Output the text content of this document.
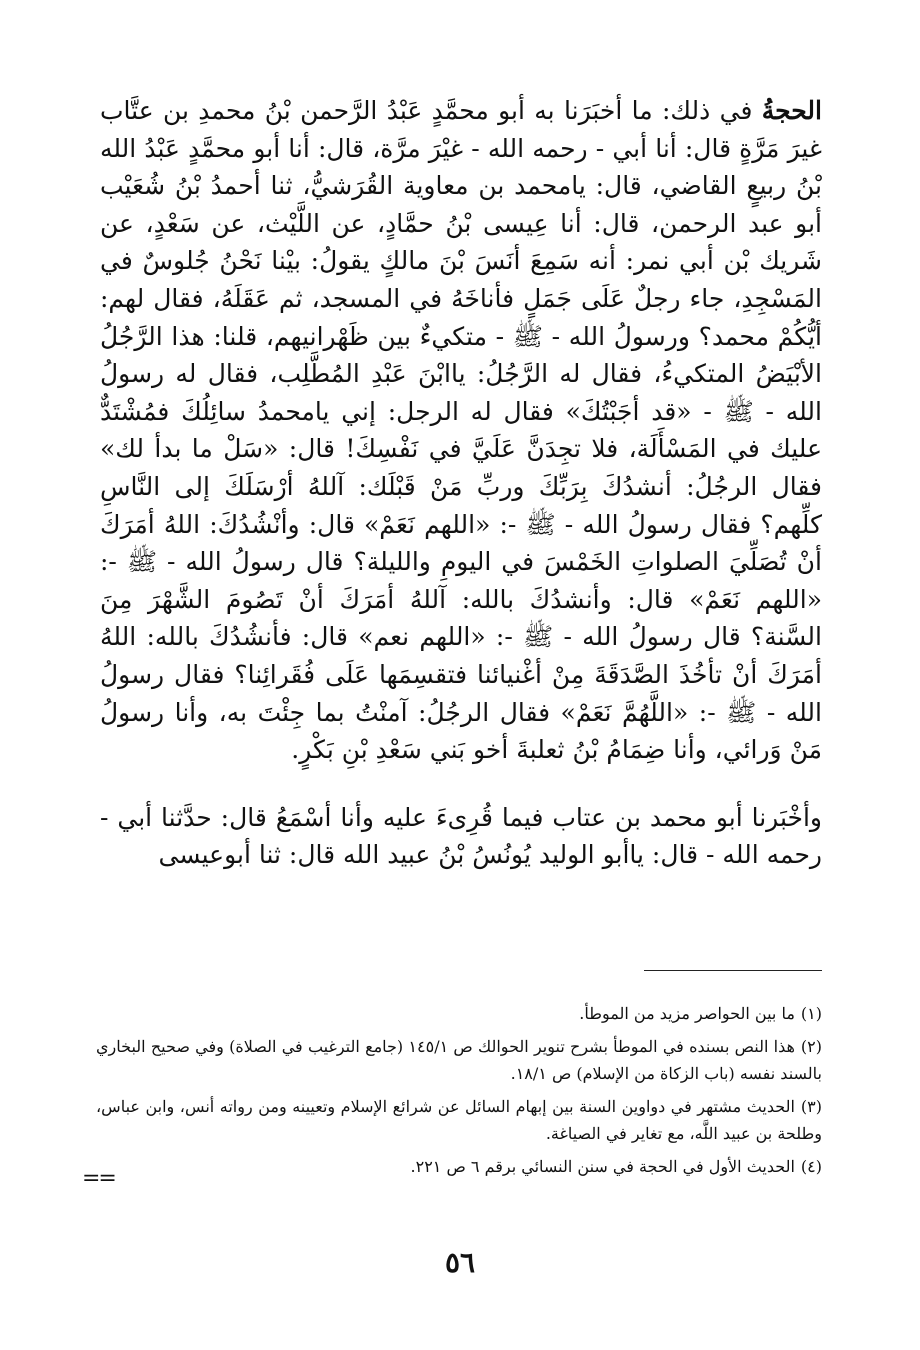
الحجةُ في ذلك: ما أخبَرَنا به أبو محمَّدٍ عَبْدُ الرَّحمن بْنُ محمدِ بن عتَّاب غيرَ مَرَّةٍ قال: أنا أبي - رحمه الله - غيْرَ مرَّة، قال: أنا أبو محمَّدٍ عَبْدُ الله بْنُ ربيعٍ القاضي، قال: يامحمد بن معاوية القُرَشيُّ، ثنا أحمدُ بْنُ شُعَيْب أبو عبد الرحمن، قال: أنا عِيسى بْنُ حمَّادٍ، عن اللَّيْث، عن سَعْدٍ، عن شَريك بْن أبي نمر: أنه سَمِعَ أنَسَ بْنَ مالكٍ يقولُ: بيْنا نَحْنُ جُلوسٌ في المَسْجِدِ، جاء رجلٌ عَلَى جَمَلٍ فأناخَهُ في المسجد، ثم عَقَلَهُ، فقال لهم: أيُّكُمْ محمد؟ ورسولُ الله - ﷺ - متكيءٌ بين ظَهْرانيهم، قلنا: هذا الرَّجُلُ الأبْيَضُ المتكيءُ، فقال له الرَّجُلُ: ياابْنَ عَبْدِ المُطَّلِب، فقال له رسولُ الله - ﷺ - «قد أجَبْتُكَ» فقال له الرجل: إني يامحمدُ سائِلُكَ فمُشْتَدٌّ عليك في المَسْأَلَة، فلا تجِدَنَّ عَلَيَّ في نَفْسِكَ! قال: «سَلْ ما بدأ لك» فقال الرجُلُ: أنشدُكَ بِرَبِّكَ وربِّ مَنْ قَبْلَك: آللهُ أرْسَلَكَ إلى النَّاسِ كلِّهم؟ فقال رسولُ الله - ﷺ -: «اللهم نَعَمْ» قال: وأنْشُدُكَ: اللهُ أمَرَكَ أنْ تُصَلِّيَ الصلواتِ الخَمْسَ في اليومِ والليلة؟ قال رسولُ الله - ﷺ -: «اللهم نَعَمْ» قال: وأنشدُكَ بالله: آللهُ أمَرَكَ أنْ تَصُومَ الشَّهْرَ مِنَ السَّنة؟ قال رسولُ الله - ﷺ -: «اللهم نعم» قال: فأنشُدُكَ بالله: اللهُ أمَرَكَ أنْ تأخُذَ الصَّدَقَةَ مِنْ أغْنيائنا فتقسِمَها عَلَى فُقَرائِنا؟ فقال رسولُ الله - ﷺ -: «اللَّهُمَّ نَعَمْ» فقال الرجُلُ: آمنْتُ بما جِئْتَ به، وأنا رسولُ مَنْ وَرائي، وأنا ضِمَامُ بْنُ ثعلبةَ أخو بَني سَعْدِ بْنِ بَكْرٍ.

وأخْبَرنا أبو محمد بن عتاب فيما قُرِىءَ عليه وأنا أسْمَعُ قال: حدَّثنا أبي - رحمه الله - قال: ياأبو الوليد يُونُسُ بْنُ عبيد الله قال: ثنا أبوعيسى

(١)ما بين الحواصر مزيد من الموطأ.

(٢)هذا النص بسنده في الموطأ بشرح تنوير الحوالك ص ١٤٥/١ (جامع الترغيب في الصلاة) وفي صحيح البخاري بالسند نفسه (باب الزكاة من الإسلام) ص ١٨/١.

(٣)الحديث مشتهر في دواوين السنة بين إبهام السائل عن شرائع الإسلام وتعيينه ومن رواته أنس، وابن عباس، وطلحة بن عبيد اللَّه، مع تغاير في الصياغة.

(٤)الحديث الأول في الحجة في سنن النسائي برقم ٦ ص ٢٢١.

==
٥٦
